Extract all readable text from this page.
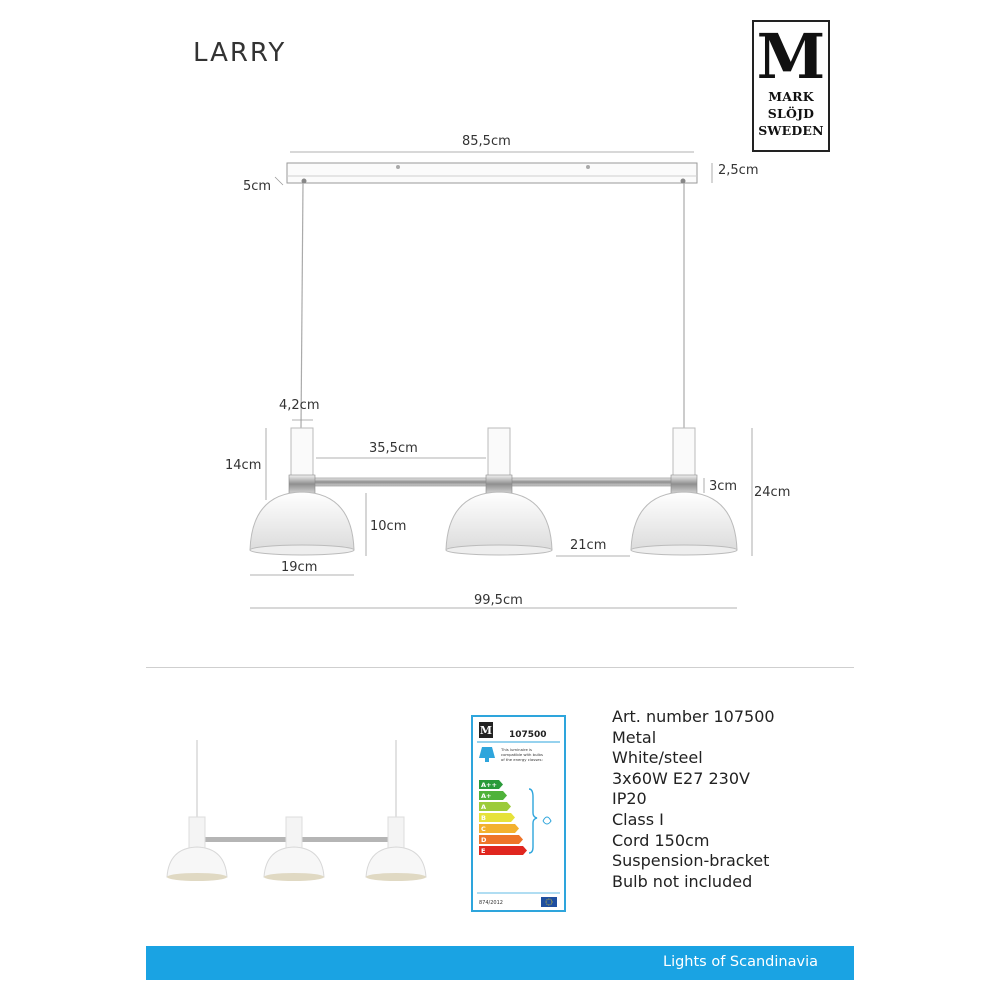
LARRY	M
MARK
SLÖJD
SWEDEN
85,5cm
5cm
2,5cm
4,2cm
14cm
35,5cm
3cm 24cm
10cm
21cm
19cm
99,5cm
M 107500
This luminaire is
compatible with bulbs
of the energy classes:
A++
A+
A
B
C
D
E
874/2012
Art. number 107500
Metal
White/steel
3x60W E27 230V
IP20
Class I
Cord 150cm
Suspension-bracket
Bulb not included
Lights of Scandinavia
